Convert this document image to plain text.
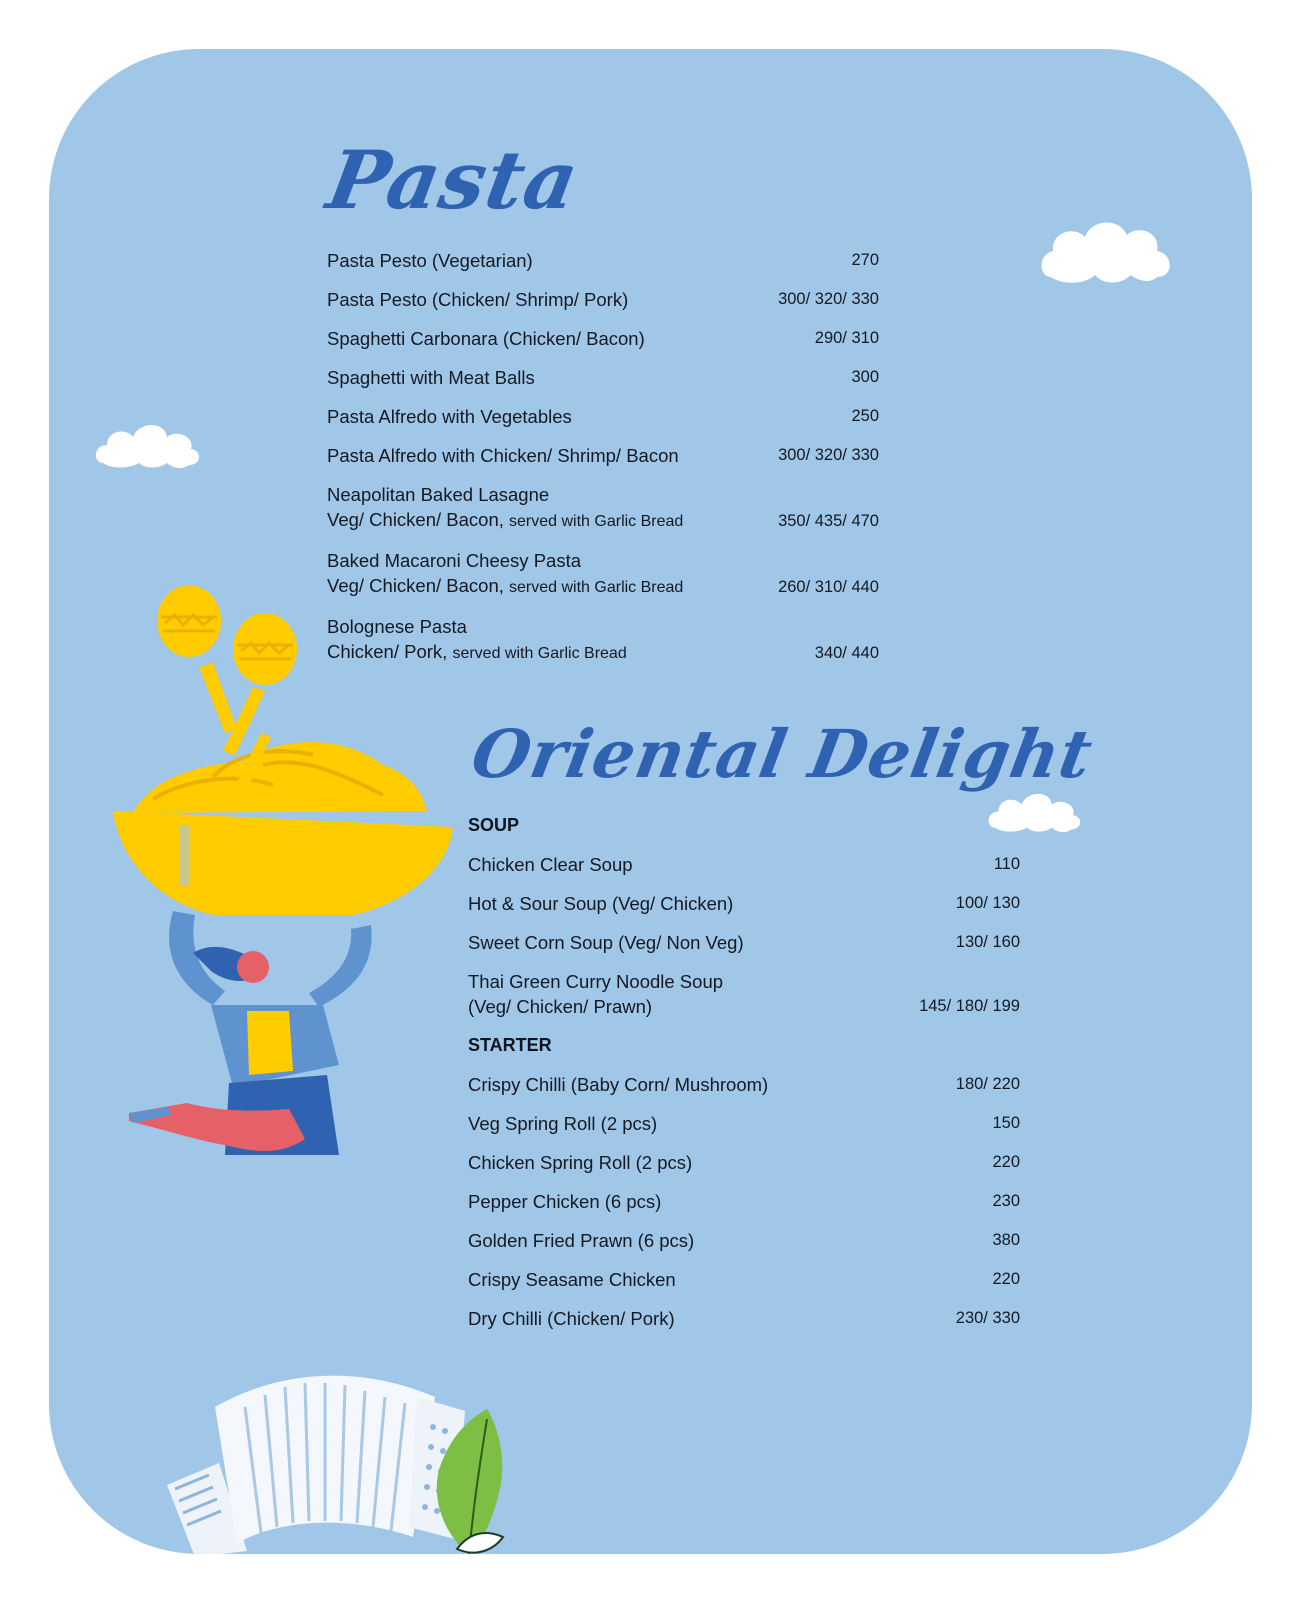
Pasta
Pasta Pesto (Vegetarian)	270
Pasta Pesto (Chicken/ Shrimp/ Pork)	300/ 320/ 330
Spaghetti Carbonara (Chicken/ Bacon)	290/ 310
Spaghetti with Meat Balls	300
Pasta Alfredo with Vegetables	250
Pasta Alfredo with Chicken/ Shrimp/ Bacon	300/ 320/ 330
Neapolitan Baked Lasagne
Veg/ Chicken/ Bacon, served with Garlic Bread	350/ 435/ 470
Baked Macaroni Cheesy Pasta
Veg/ Chicken/ Bacon, served with Garlic Bread	260/ 310/ 440
Bolognese Pasta
Chicken/ Pork, served with Garlic Bread	340/ 440
Oriental Delight
SOUP
Chicken Clear Soup	110
Hot & Sour Soup (Veg/ Chicken)	100/ 130
Sweet Corn Soup (Veg/ Non Veg)	130/ 160
Thai Green Curry Noodle Soup
(Veg/ Chicken/ Prawn)	145/ 180/ 199
STARTER
Crispy Chilli (Baby Corn/ Mushroom)	180/ 220
Veg Spring Roll (2 pcs)	150
Chicken Spring Roll (2 pcs)	220
Pepper Chicken (6 pcs)	230
Golden Fried Prawn (6 pcs)	380
Crispy Seasame Chicken	220
Dry Chilli (Chicken/ Pork)	230/ 330
